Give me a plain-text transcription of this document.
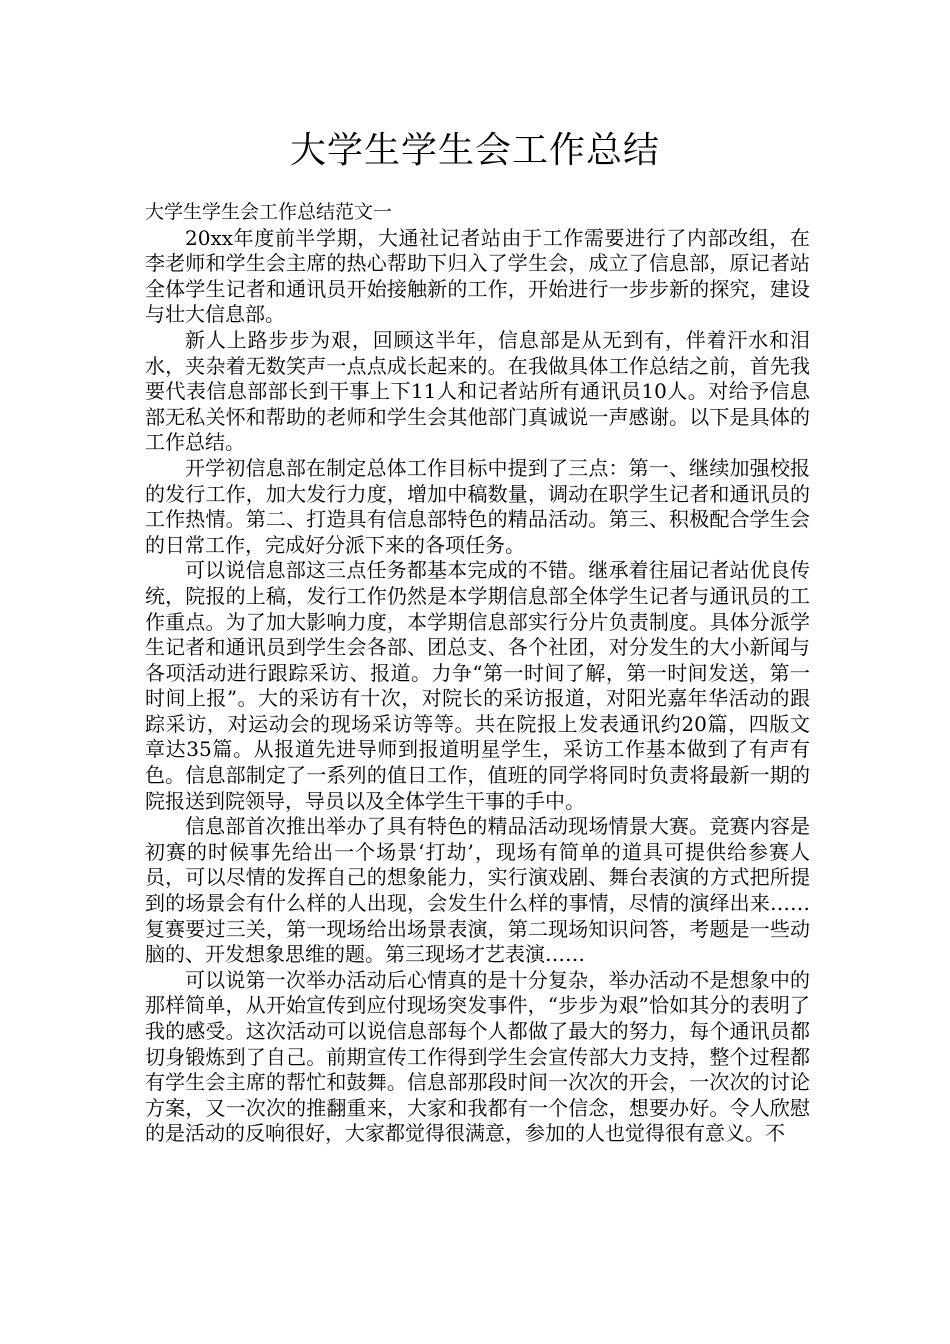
大学生学生会工作总结

大学生学生会工作总结范文一

20xx年度前半学期，大通社记者站由于工作需要进行了内部改组，在李老师和学生会主席的热心帮助下归入了学生会，成立了信息部，原记者站全体学生记者和通讯员开始接触新的工作，开始进行一步步新的探究，建设与壮大信息部。

新人上路步步为艰，回顾这半年，信息部是从无到有，伴着汗水和泪水，夹杂着无数笑声一点点成长起来的。在我做具体工作总结之前，首先我要代表信息部部长到干事上下11人和记者站所有通讯员10人。对给予信息部无私关怀和帮助的老师和学生会其他部门真诚说一声感谢。以下是具体的工作总结。

开学初信息部在制定总体工作目标中提到了三点：第一、继续加强校报的发行工作，加大发行力度，增加中稿数量，调动在职学生记者和通讯员的工作热情。第二、打造具有信息部特色的精品活动。第三、积极配合学生会的日常工作，完成好分派下来的各项任务。

可以说信息部这三点任务都基本完成的不错。继承着往届记者站优良传统，院报的上稿，发行工作仍然是本学期信息部全体学生记者与通讯员的工作重点。为了加大影响力度，本学期信息部实行分片负责制度。具体分派学生记者和通讯员到学生会各部、团总支、各个社团，对分发生的大小新闻与各项活动进行跟踪采访、报道。力争“第一时间了解，第一时间发送，第一时间上报”。大的采访有十次，对院长的采访报道，对阳光嘉年华活动的跟踪采访，对运动会的现场采访等等。共在院报上发表通讯约20篇，四版文章达35篇。从报道先进导师到报道明星学生，采访工作基本做到了有声有色。信息部制定了一系列的值日工作，值班的同学将同时负责将最新一期的院报送到院领导，导员以及全体学生干事的手中。

信息部首次推出举办了具有特色的精品活动现场情景大赛。竞赛内容是初赛的时候事先给出一个场景‘打劫’，现场有简单的道具可提供给参赛人员，可以尽情的发挥自己的想象能力，实行演戏剧、舞台表演的方式把所提到的场景会有什么样的人出现，会发生什么样的事情，尽情的演绎出来……复赛要过三关，第一现场给出场景表演，第二现场知识问答，考题是一些动脑的、开发想象思维的题。第三现场才艺表演……

可以说第一次举办活动后心情真的是十分复杂，举办活动不是想象中的那样简单，从开始宣传到应付现场突发事件，“步步为艰”恰如其分的表明了我的感受。这次活动可以说信息部每个人都做了最大的努力，每个通讯员都切身锻炼到了自己。前期宣传工作得到学生会宣传部大力支持，整个过程都有学生会主席的帮忙和鼓舞。信息部那段时间一次次的开会，一次次的讨论方案，又一次次的推翻重来，大家和我都有一个信念，想要办好。令人欣慰的是活动的反响很好，大家都觉得很满意，参加的人也觉得很有意义。不
